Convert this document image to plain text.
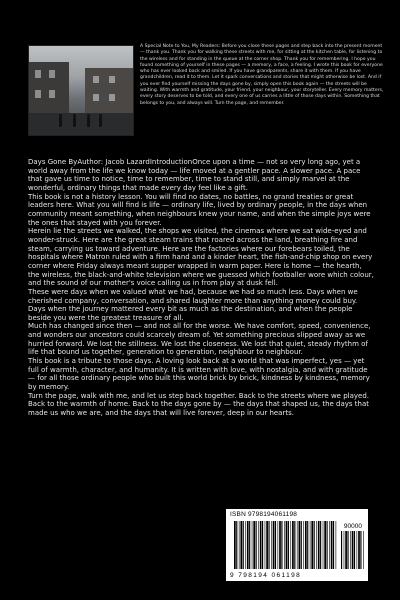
A Special Note to You, My Readers: Before you close these pages and step back into the present moment — thank you. Thank you for walking these streets with me, for sitting at the kitchen table, for listening to the wireless and for standing in the queue at the corner shop. Thank you for remembering. I hope you found something of yourself in these pages — a memory, a face, a feeling. I wrote this book for everyone who has ever looked back and smiled. If you have grandparents, share it with them. If you have grandchildren, read it to them. Let it spark conversations and stories that might otherwise be lost. And if you ever find yourself missing the days gone by, simply open this book again — the streets will be waiting. With warmth and gratitude, your friend, your neighbour, your storyteller. Every memory matters, every story deserves to be told, and every one of us carries a little of those days within. Something that belongs to you, and always will. Turn the page, and remember.

Days Gone ByAuthor: Jacob LazardIntroductionOnce upon a time — not so very long ago, yet a world away from the life we know today — life moved at a gentler pace. A slower pace. A pace that gave us time to notice, time to remember, time to stand still, and simply marvel at the wonderful, ordinary things that made every day feel like a gift.

This book is not a history lesson. You will find no dates, no battles, no grand treaties or great leaders here. What you will find is life — ordinary life, lived by ordinary people, in the days when community meant something, when neighbours knew your name, and when the simple joys were the ones that stayed with you forever.

Herein lie the streets we walked, the shops we visited, the cinemas where we sat wide-eyed and wonder-struck. Here are the great steam trains that roared across the land, breathing fire and steam, carrying us toward adventure. Here are the factories where our forebears toiled, the hospitals where Matron ruled with a firm hand and a kinder heart, the fish-and-chip shop on every corner where Friday always meant supper wrapped in warm paper. Here is home — the hearth, the wireless, the black-and-white television where we guessed which footballer wore which colour, and the sound of our mother's voice calling us in from play at dusk fell.

These were days when we valued what we had, because we had so much less. Days when we cherished company, conversation, and shared laughter more than anything money could buy. Days when the journey mattered every bit as much as the destination, and when the people beside you were the greatest treasure of all.

Much has changed since then — and not all for the worse. We have comfort, speed, convenience, and wonders our ancestors could scarcely dream of. Yet something precious slipped away as we hurried forward. We lost the stillness. We lost the closeness. We lost that quiet, steady rhythm of life that bound us together, generation to generation, neighbour to neighbour.

This book is a tribute to those days. A loving look back at a world that was imperfect, yes — yet full of warmth, character, and humanity. It is written with love, with nostalgia, and with gratitude — for all those ordinary people who built this world brick by brick, kindness by kindness, memory by memory.

Turn the page, walk with me, and let us step back together. Back to the streets where we played. Back to the warmth of home. Back to the days gone by — the days that shaped us, the days that made us who we are, and the days that will live forever, deep in our hearts.

ISBN 9798194061198
90000
9 798194 061198
